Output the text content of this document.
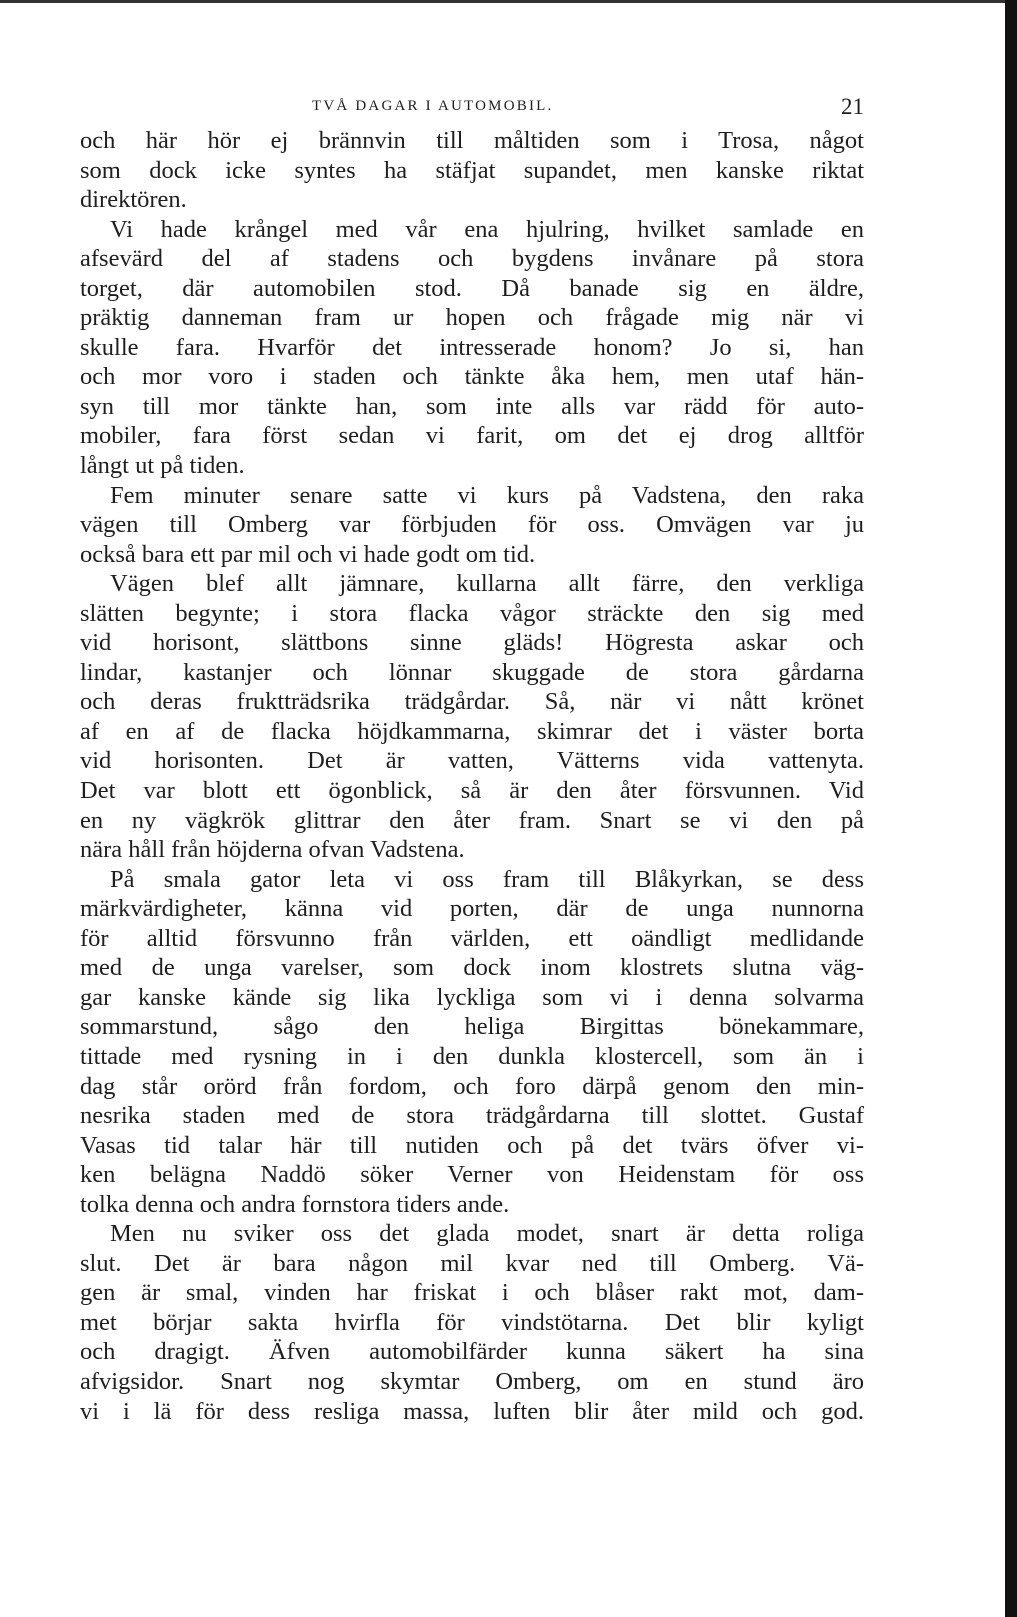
TVÅ DAGAR I AUTOMOBIL.	21
och här hör ej brännvin till måltiden som i Trosa, något
som dock icke syntes ha stäfjat supandet, men kanske riktat
direktören.
Vi hade krångel med vår ena hjulring, hvilket samlade en
afsevärd del af stadens och bygdens invånare på stora
torget, där automobilen stod. Då banade sig en äldre,
präktig danneman fram ur hopen och frågade mig när vi
skulle fara. Hvarför det intresserade honom? Jo si, han
och mor voro i staden och tänkte åka hem, men utaf hän-
syn till mor tänkte han, som inte alls var rädd för auto-
mobiler, fara först sedan vi farit, om det ej drog alltför
långt ut på tiden.
Fem minuter senare satte vi kurs på Vadstena, den raka
vägen till Omberg var förbjuden för oss. Omvägen var ju
också bara ett par mil och vi hade godt om tid.
Vägen blef allt jämnare, kullarna allt färre, den verkliga
slätten begynte; i stora flacka vågor sträckte den sig med
vid horisont, slättbons sinne gläds! Högresta askar och
lindar, kastanjer och lönnar skuggade de stora gårdarna
och deras fruktträdsrika trädgårdar. Så, när vi nått krönet
af en af de flacka höjdkammarna, skimrar det i väster borta
vid horisonten. Det är vatten, Vätterns vida vattenyta.
Det var blott ett ögonblick, så är den åter försvunnen. Vid
en ny vägkrök glittrar den åter fram. Snart se vi den på
nära håll från höjderna ofvan Vadstena.
På smala gator leta vi oss fram till Blåkyrkan, se dess
märkvärdigheter, känna vid porten, där de unga nunnorna
för alltid försvunno från världen, ett oändligt medlidande
med de unga varelser, som dock inom klostrets slutna väg-
gar kanske kände sig lika lyckliga som vi i denna solvarma
sommarstund, sågo den heliga Birgittas bönekammare,
tittade med rysning in i den dunkla klostercell, som än i
dag står orörd från fordom, och foro därpå genom den min-
nesrika staden med de stora trädgårdarna till slottet. Gustaf
Vasas tid talar här till nutiden och på det tvärs öfver vi-
ken belägna Naddö söker Verner von Heidenstam för oss
tolka denna och andra fornstora tiders ande.
Men nu sviker oss det glada modet, snart är detta roliga
slut. Det är bara någon mil kvar ned till Omberg. Vä-
gen är smal, vinden har friskat i och blåser rakt mot, dam-
met börjar sakta hvirfla för vindstötarna. Det blir kyligt
och dragigt. Äfven automobilfärder kunna säkert ha sina
afvigsidor. Snart nog skymtar Omberg, om en stund äro
vi i lä för dess resliga massa, luften blir åter mild och god.
